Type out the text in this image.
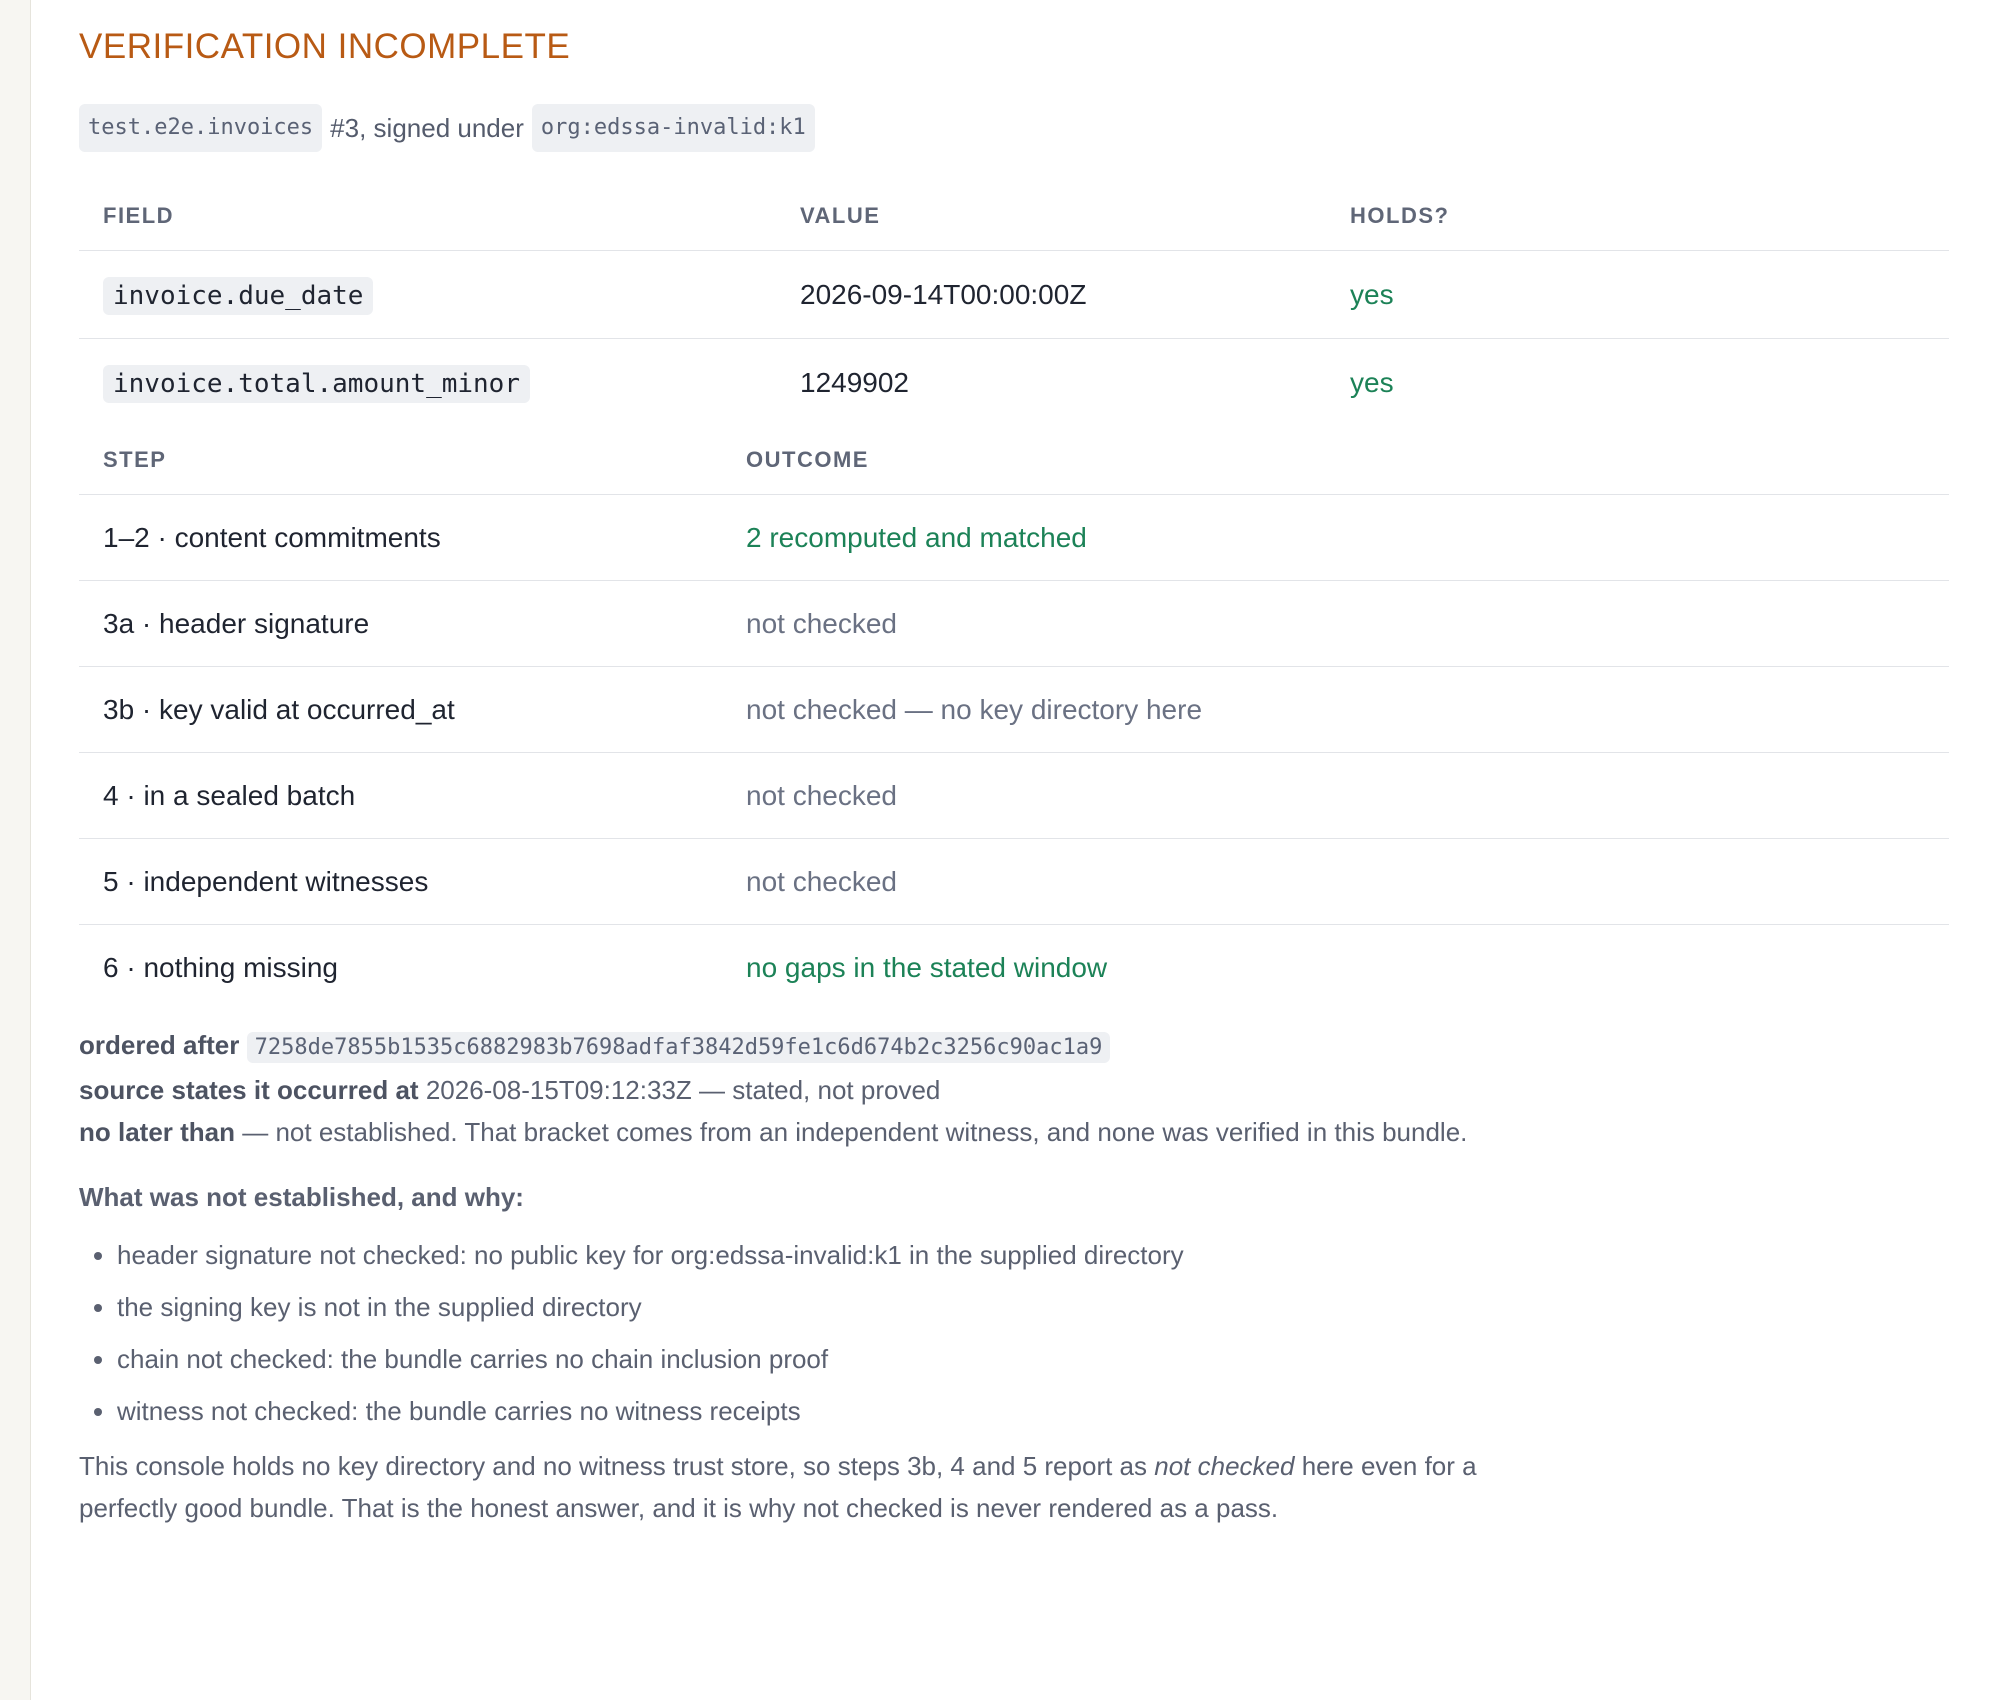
VERIFICATION INCOMPLETE
test.e2e.invoices #3, signed under org:edssa-invalid:k1
FIELD	VALUE	HOLDS?
invoice.due_date	2026-09-14T00:00:00Z	yes
invoice.total.amount_minor	1249902	yes
STEP	OUTCOME
1–2 · content commitments	2 recomputed and matched
3a · header signature	not checked
3b · key valid at occurred_at	not checked — no key directory here
4 · in a sealed batch	not checked
5 · independent witnesses	not checked
6 · nothing missing	no gaps in the stated window
ordered after 7258de7855b1535c6882983b7698adfaf3842d59fe1c6d674b2c3256c90ac1a9
source states it occurred at 2026-08-15T09:12:33Z — stated, not proved
no later than — not established. That bracket comes from an independent witness, and none was verified in this bundle.
What was not established, and why:
• header signature not checked: no public key for org:edssa-invalid:k1 in the supplied directory
• the signing key is not in the supplied directory
• chain not checked: the bundle carries no chain inclusion proof
• witness not checked: the bundle carries no witness receipts
This console holds no key directory and no witness trust store, so steps 3b, 4 and 5 report as not checked here even for a perfectly good bundle. That is the honest answer, and it is why not checked is never rendered as a pass.
